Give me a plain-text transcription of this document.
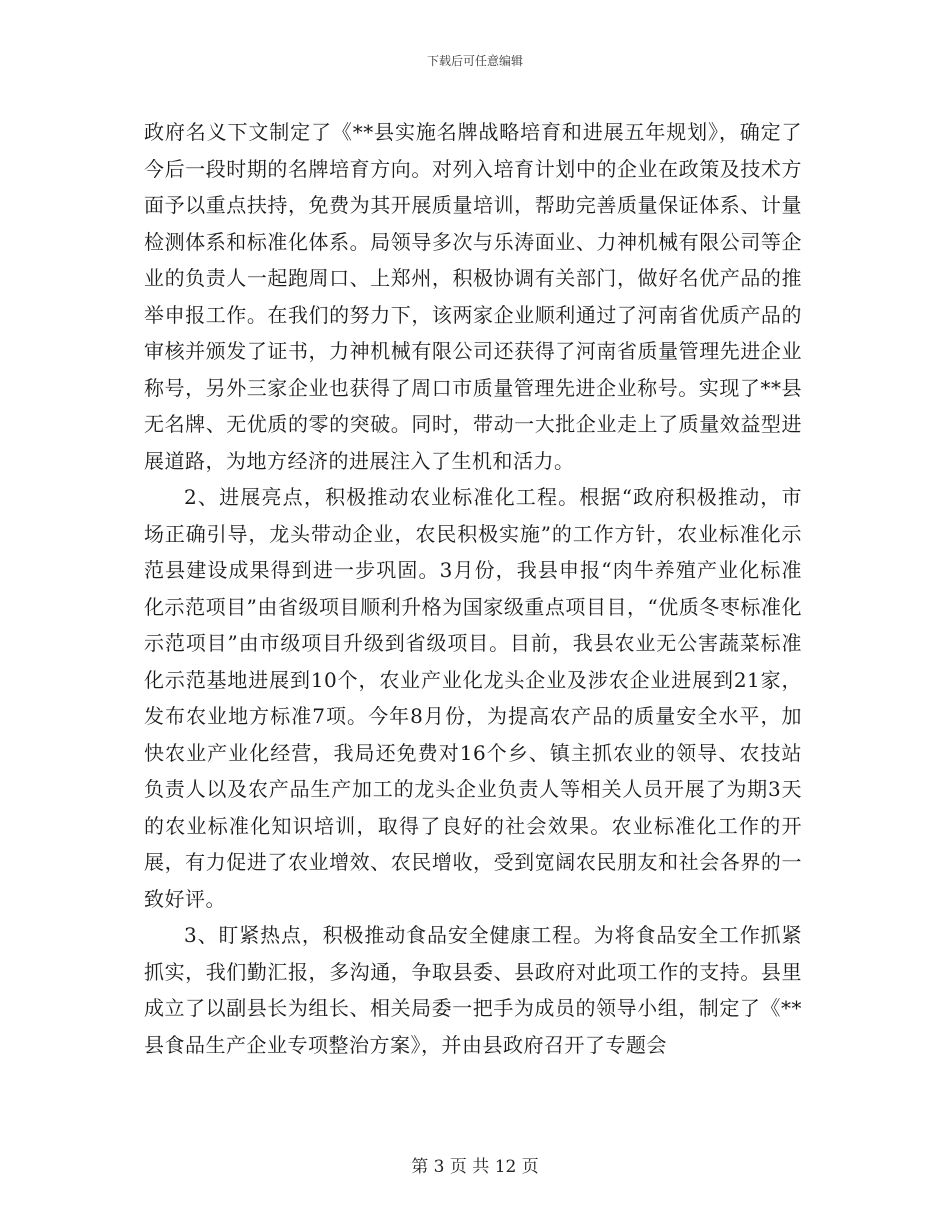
下载后可任意编辑

政府名义下文制定了《**县实施名牌战略培育和进展五年规划》，确定了今后一段时期的名牌培育方向。对列入培育计划中的企业在政策及技术方面予以重点扶持，免费为其开展质量培训，帮助完善质量保证体系、计量检测体系和标准化体系。局领导多次与乐涛面业、力神机械有限公司等企业的负责人一起跑周口、上郑州，积极协调有关部门，做好名优产品的推举申报工作。在我们的努力下，该两家企业顺利通过了河南省优质产品的审核并颁发了证书，力神机械有限公司还获得了河南省质量管理先进企业称号，另外三家企业也获得了周口市质量管理先进企业称号。实现了**县无名牌、无优质的零的突破。同时，带动一大批企业走上了质量效益型进展道路，为地方经济的进展注入了生机和活力。

2、进展亮点，积极推动农业标准化工程。根据“政府积极推动，市场正确引导，龙头带动企业，农民积极实施”的工作方针，农业标准化示范县建设成果得到进一步巩固。3月份，我县申报“肉牛养殖产业化标准化示范项目”由省级项目顺利升格为国家级重点项目目，“优质冬枣标准化示范项目”由市级项目升级到省级项目。目前，我县农业无公害蔬菜标准化示范基地进展到10个，农业产业化龙头企业及涉农企业进展到21家，发布农业地方标准7项。今年8月份，为提高农产品的质量安全水平，加快农业产业化经营，我局还免费对16个乡、镇主抓农业的领导、农技站负责人以及农产品生产加工的龙头企业负责人等相关人员开展了为期3天的农业标准化知识培训，取得了良好的社会效果。农业标准化工作的开展，有力促进了农业增效、农民增收，受到宽阔农民朋友和社会各界的一致好评。

3、盯紧热点，积极推动食品安全健康工程。为将食品安全工作抓紧抓实，我们勤汇报，多沟通，争取县委、县政府对此项工作的支持。县里成立了以副县长为组长、相关局委一把手为成员的领导小组，制定了《**县食品生产企业专项整治方案》，并由县政府召开了专题会

第 3 页 共 12 页
